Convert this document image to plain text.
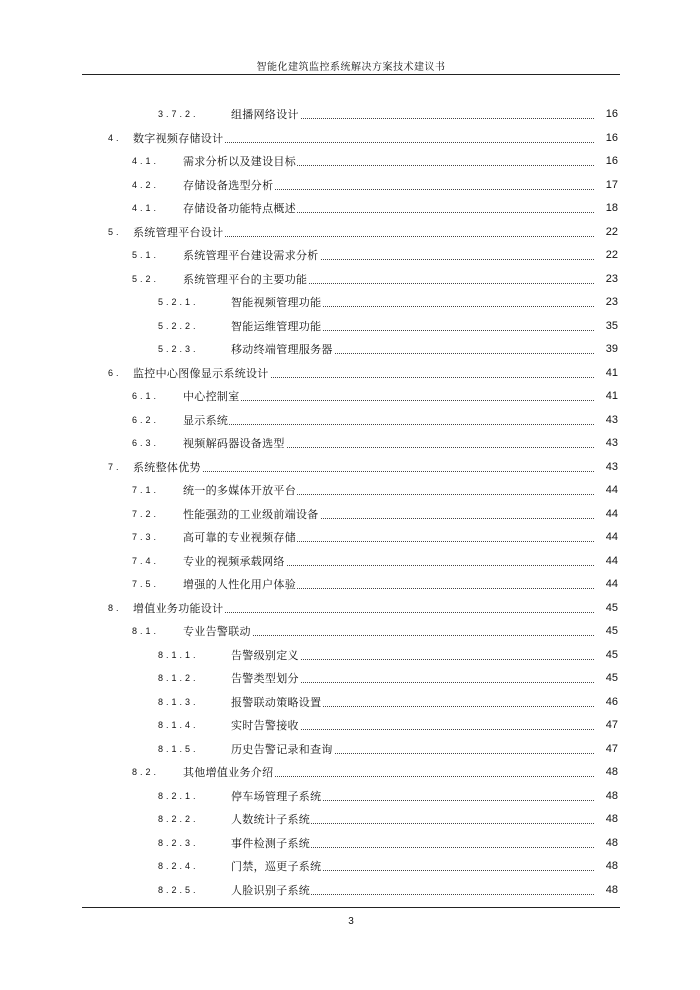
智能化建筑监控系统解决方案技术建议书
3.7.2.	组播网络设计	16
4. 数字视频存储设计	16
4.1. 需求分析以及建设目标	16
4.2. 存储设备选型分析	17
4.1. 存储设备功能特点概述	18
5. 系统管理平台设计	22
5.1. 系统管理平台建设需求分析	22
5.2. 系统管理平台的主要功能	23
5.2.1.	智能视频管理功能	23
5.2.2.	智能运维管理功能	35
5.2.3.	移动终端管理服务器	39
6. 监控中心图像显示系统设计	41
6.1. 中心控制室	41
6.2. 显示系统	43
6.3. 视频解码器设备选型	43
7. 系统整体优势	43
7.1. 统一的多媒体开放平台	44
7.2. 性能强劲的工业级前端设备	44
7.3. 高可靠的专业视频存储	44
7.4. 专业的视频承载网络	44
7.5. 增强的人性化用户体验	44
8. 增值业务功能设计	45
8.1. 专业告警联动	45
8.1.1.	告警级别定义	45
8.1.2.	告警类型划分	45
8.1.3.	报警联动策略设置	46
8.1.4.	实时告警接收	47
8.1.5.	历史告警记录和查询	47
8.2. 其他增值业务介绍	48
8.2.1.	停车场管理子系统	48
8.2.2.	人数统计子系统	48
8.2.3.	事件检测子系统	48
8.2.4.	门禁，巡更子系统	48
8.2.5.	人脸识别子系统	48
3
